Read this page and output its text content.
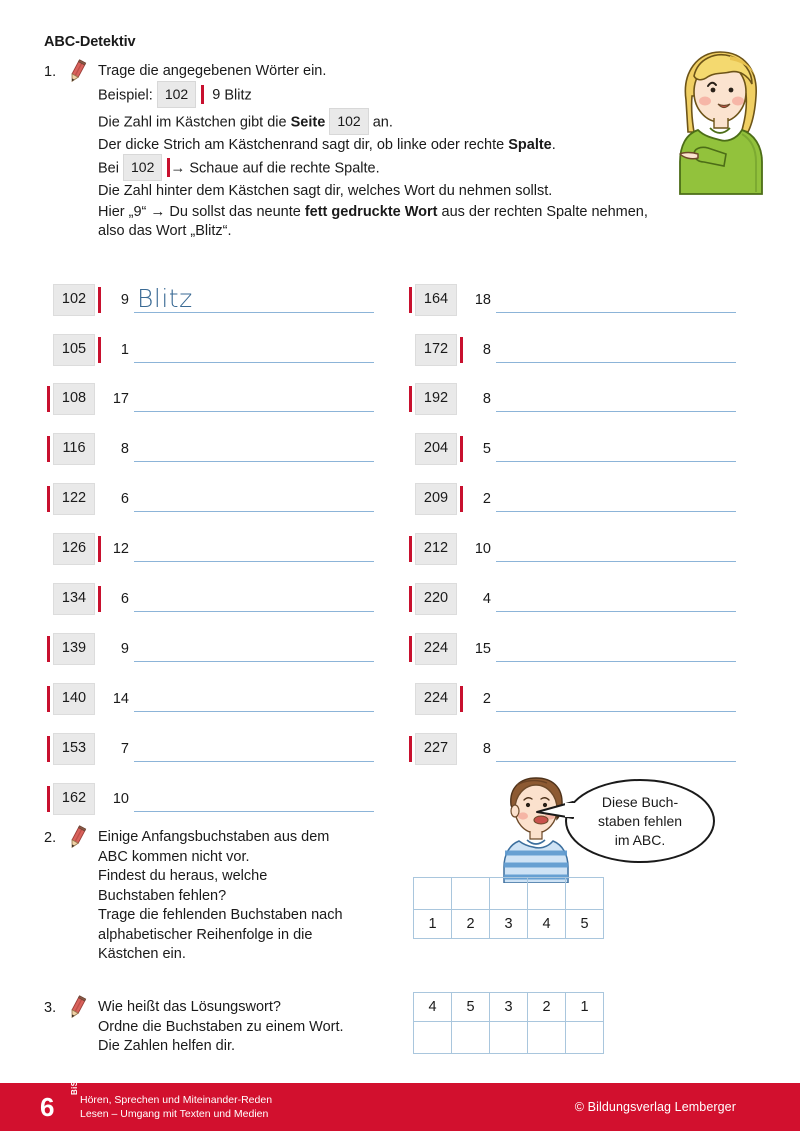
ABC-Detektiv
1.	Trage die angegebenen Wörter ein.

Beispiel: 102 9 Blitz

Die Zahl im Kästchen gibt die Seite 102 an.

Der dicke Strich am Kästchenrand sagt dir, ob linke oder rechte Spalte.

Bei 102 → Schaue auf die rechte Spalte.

Die Zahl hinter dem Kästchen sagt dir, welches Wort du nehmen sollst.

Hier „9“ → Du sollst das neunte fett gedruckte Wort aus der rechten Spalte nehmen,

also das Wort „Blitz“.

102	9 Blitz
105	1
108	17
116	8
122	6
126	12
134	6
139	9
140	14
153	7
162	10
164	18
172	8
192	8
204	5
209	2
212	10
220	4
224	15
224	2
227	8
Diese Buch-
staben fehlen
im ABC.
2.	Einige Anfangsbuchstaben aus dem

ABC kommen nicht vor.

Findest du heraus, welche

Buchstaben fehlen?

Trage die fehlenden Buchstaben nach

alphabetischer Reihenfolge in die

Kästchen ein.

1	2	3	4	5
3.	Wie heißt das Lösungswort?

Ordne die Buchstaben zu einem Wort.

Die Zahlen helfen dir.

4	5	3	2	1

6
BiST
Hören, Sprechen und Miteinander-Reden
Lesen – Umgang mit Texten und Medien	© Bildungsverlag Lemberger
